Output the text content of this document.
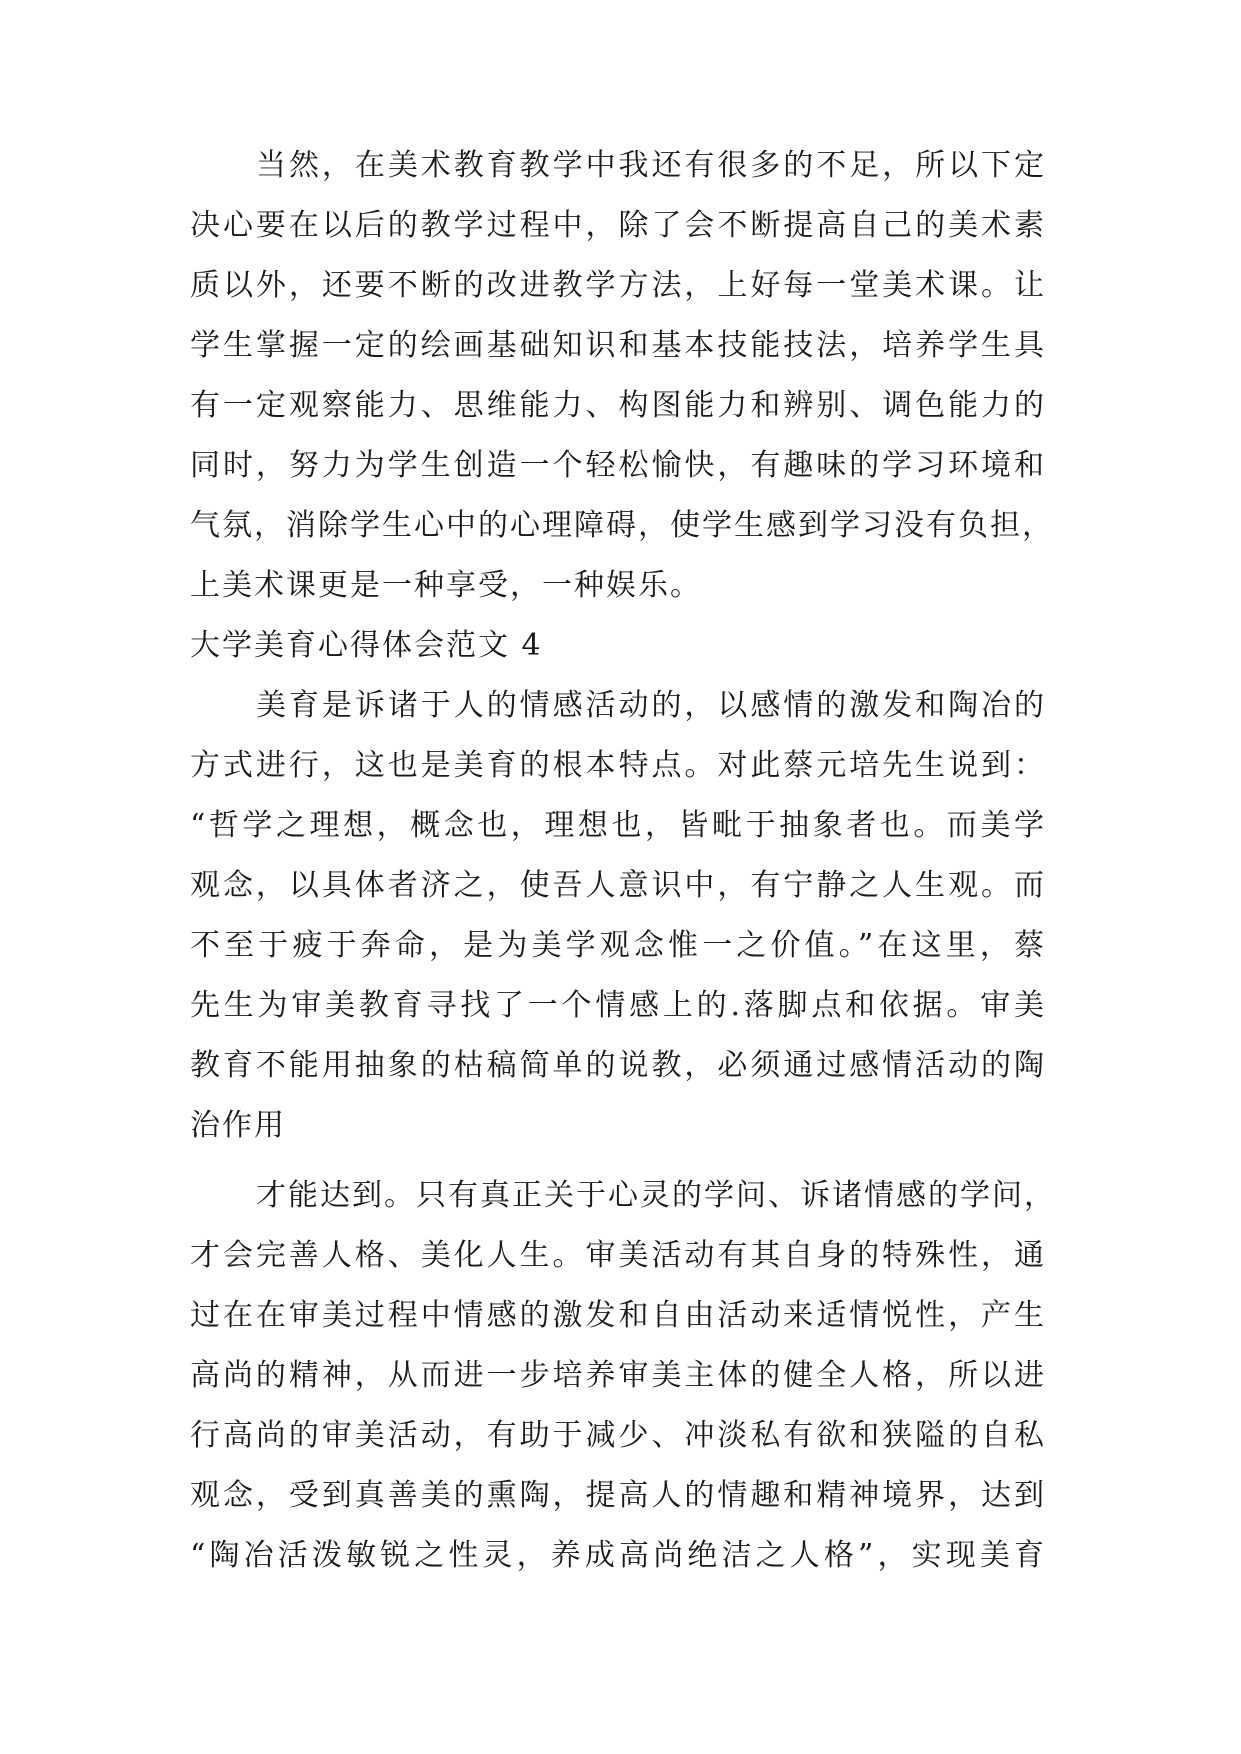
当然，在美术教育教学中我还有很多的不足，所以下定
决心要在以后的教学过程中，除了会不断提高自己的美术素
质以外，还要不断的改进教学方法，上好每一堂美术课。让
学生掌握一定的绘画基础知识和基本技能技法，培养学生具
有一定观察能力、思维能力、构图能力和辨别、调色能力的
同时，努力为学生创造一个轻松愉快，有趣味的学习环境和
气氛，消除学生心中的心理障碍，使学生感到学习没有负担，
上美术课更是一种享受，一种娱乐。
大学美育心得体会范文 4
美育是诉诸于人的情感活动的，以感情的激发和陶冶的
方式进行，这也是美育的根本特点。对此蔡元培先生说到：
“哲学之理想，概念也，理想也，皆毗于抽象者也。而美学
观念，以具体者济之，使吾人意识中，有宁静之人生观。而
不至于疲于奔命，是为美学观念惟一之价值。”在这里，蔡
先生为审美教育寻找了一个情感上的.落脚点和依据。审美
教育不能用抽象的枯稿简单的说教，必须通过感情活动的陶
治作用
才能达到。只有真正关于心灵的学问、诉诸情感的学问，
才会完善人格、美化人生。审美活动有其自身的特殊性，通
过在在审美过程中情感的激发和自由活动来适情悦性，产生
高尚的精神，从而进一步培养审美主体的健全人格，所以进
行高尚的审美活动，有助于减少、冲淡私有欲和狭隘的自私
观念，受到真善美的熏陶，提高人的情趣和精神境界，达到
“陶冶活泼敏锐之性灵，养成高尚绝洁之人格”，实现美育
